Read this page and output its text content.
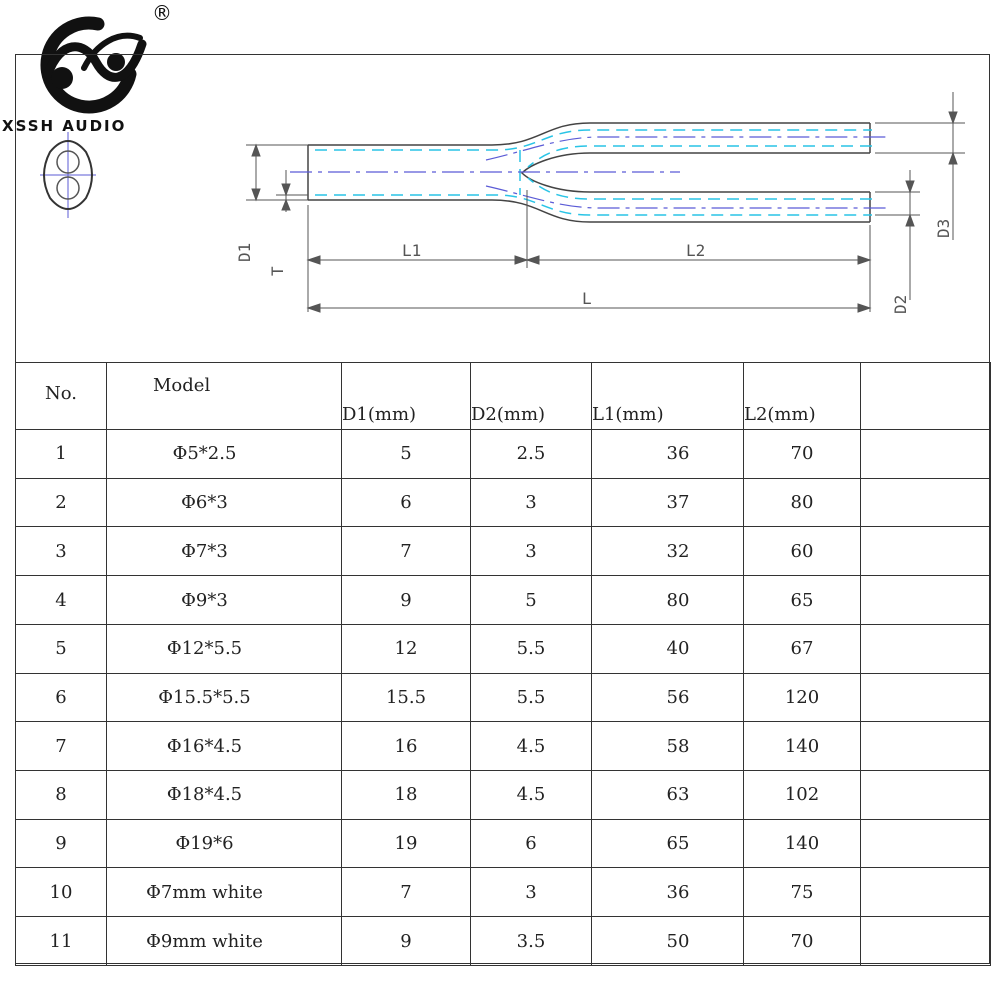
®
XSSH AUDIO
D1
T
L1	L2
L	D2
D3
No.	Model	D1(mm)	D2(mm)	L1(mm)	L2(mm)	
1	Φ5*2.5	5	2.5	36	70	
2	Φ6*3	6	3	37	80	
3	Φ7*3	7	3	32	60	
4	Φ9*3	9	5	80	65	
5	Φ12*5.5	12	5.5	40	67	
6	Φ15.5*5.5	15.5	5.5	56	120	
7	Φ16*4.5	16	4.5	58	140	
8	Φ18*4.5	18	4.5	63	102	
9	Φ19*6	19	6	65	140	
10	Φ7mm white	7	3	36	75	
11	Φ9mm white	9	3.5	50	70	
